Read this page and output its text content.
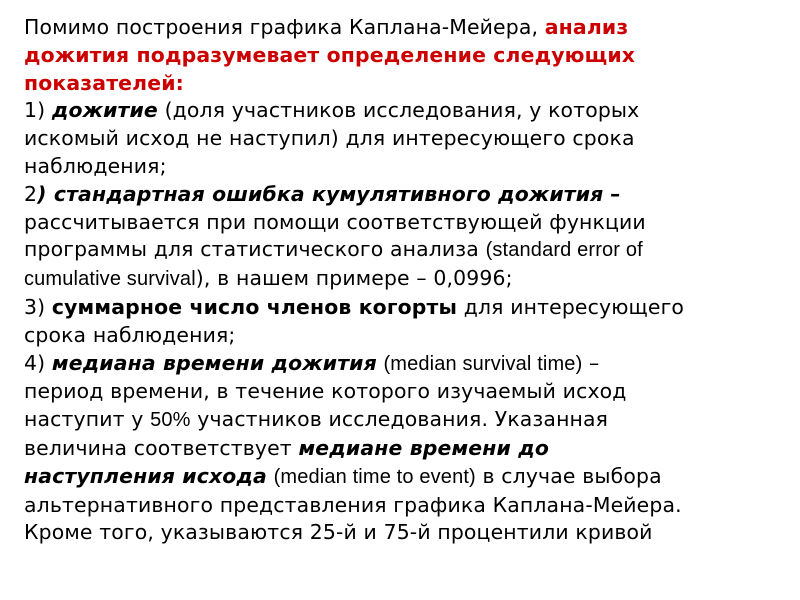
Помимо построения графика Каплана-Мейера, анализ
дожития подразумевает определение следующих
показателей:
1) дожитие (доля участников исследования, у которых
искомый исход не наступил) для интересующего срока
наблюдения;
2) стандартная ошибка кумулятивного дожития –
рассчитывается при помощи соответствующей функции
программы для статистического анализа (standard error of
cumulative survival), в нашем примере – 0,0996;
3) суммарное число членов когорты для интересующего
срока наблюдения;
4) медиана времени дожития (median survival time) –
период времени, в течение которого изучаемый исход
наступит у 50% участников исследования. Указанная
величина соответствует медиане времени до
наступления исхода (median time to event) в случае выбора
альтернативного представления графика Каплана-Мейера.
Кроме того, указываются 25-й и 75-й процентили кривой
